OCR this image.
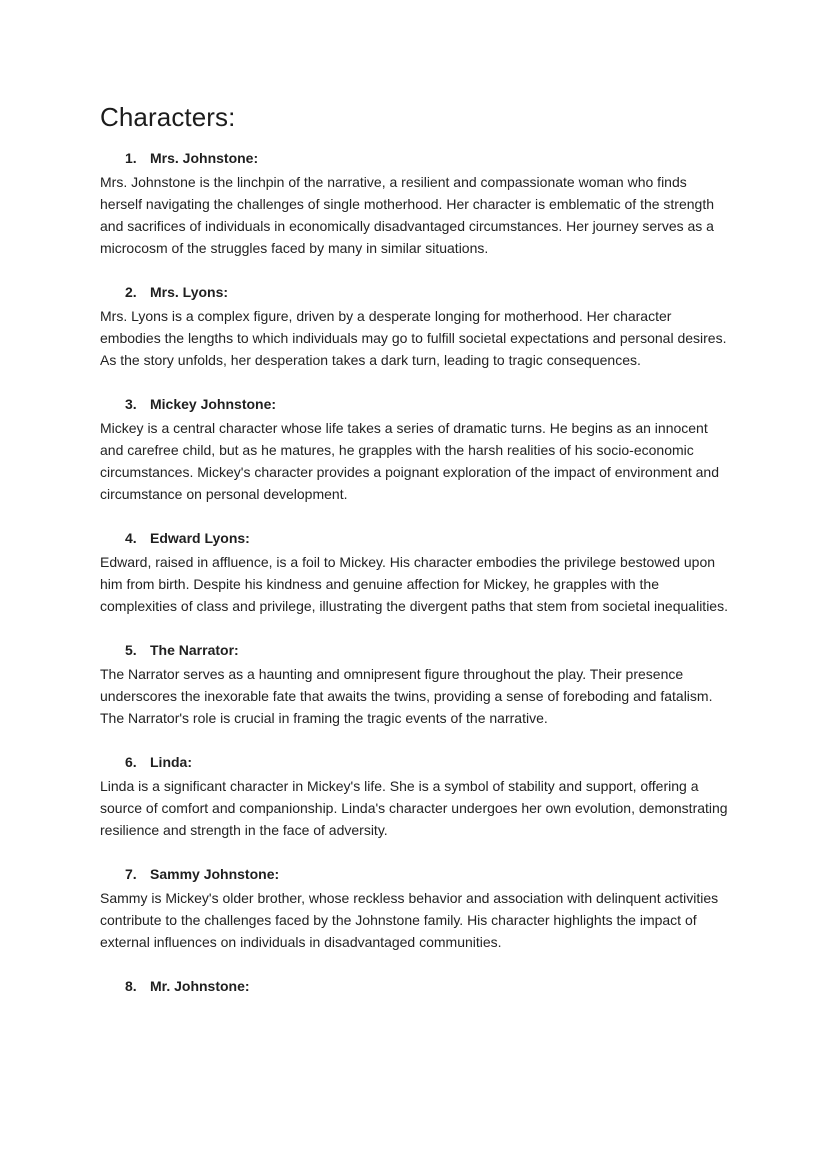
Characters:
1. Mrs. Johnstone:

Mrs. Johnstone is the linchpin of the narrative, a resilient and compassionate woman who finds herself navigating the challenges of single motherhood. Her character is emblematic of the strength and sacrifices of individuals in economically disadvantaged circumstances. Her journey serves as a microcosm of the struggles faced by many in similar situations.

2. Mrs. Lyons:

Mrs. Lyons is a complex figure, driven by a desperate longing for motherhood. Her character embodies the lengths to which individuals may go to fulfill societal expectations and personal desires. As the story unfolds, her desperation takes a dark turn, leading to tragic consequences.

3. Mickey Johnstone:

Mickey is a central character whose life takes a series of dramatic turns. He begins as an innocent and carefree child, but as he matures, he grapples with the harsh realities of his socio-economic circumstances. Mickey's character provides a poignant exploration of the impact of environment and circumstance on personal development.

4. Edward Lyons:

Edward, raised in affluence, is a foil to Mickey. His character embodies the privilege bestowed upon him from birth. Despite his kindness and genuine affection for Mickey, he grapples with the complexities of class and privilege, illustrating the divergent paths that stem from societal inequalities.

5. The Narrator:

The Narrator serves as a haunting and omnipresent figure throughout the play. Their presence underscores the inexorable fate that awaits the twins, providing a sense of foreboding and fatalism. The Narrator's role is crucial in framing the tragic events of the narrative.

6. Linda:

Linda is a significant character in Mickey's life. She is a symbol of stability and support, offering a source of comfort and companionship. Linda's character undergoes her own evolution, demonstrating resilience and strength in the face of adversity.

7. Sammy Johnstone:

Sammy is Mickey's older brother, whose reckless behavior and association with delinquent activities contribute to the challenges faced by the Johnstone family. His character highlights the impact of external influences on individuals in disadvantaged communities.

8. Mr. Johnstone:
